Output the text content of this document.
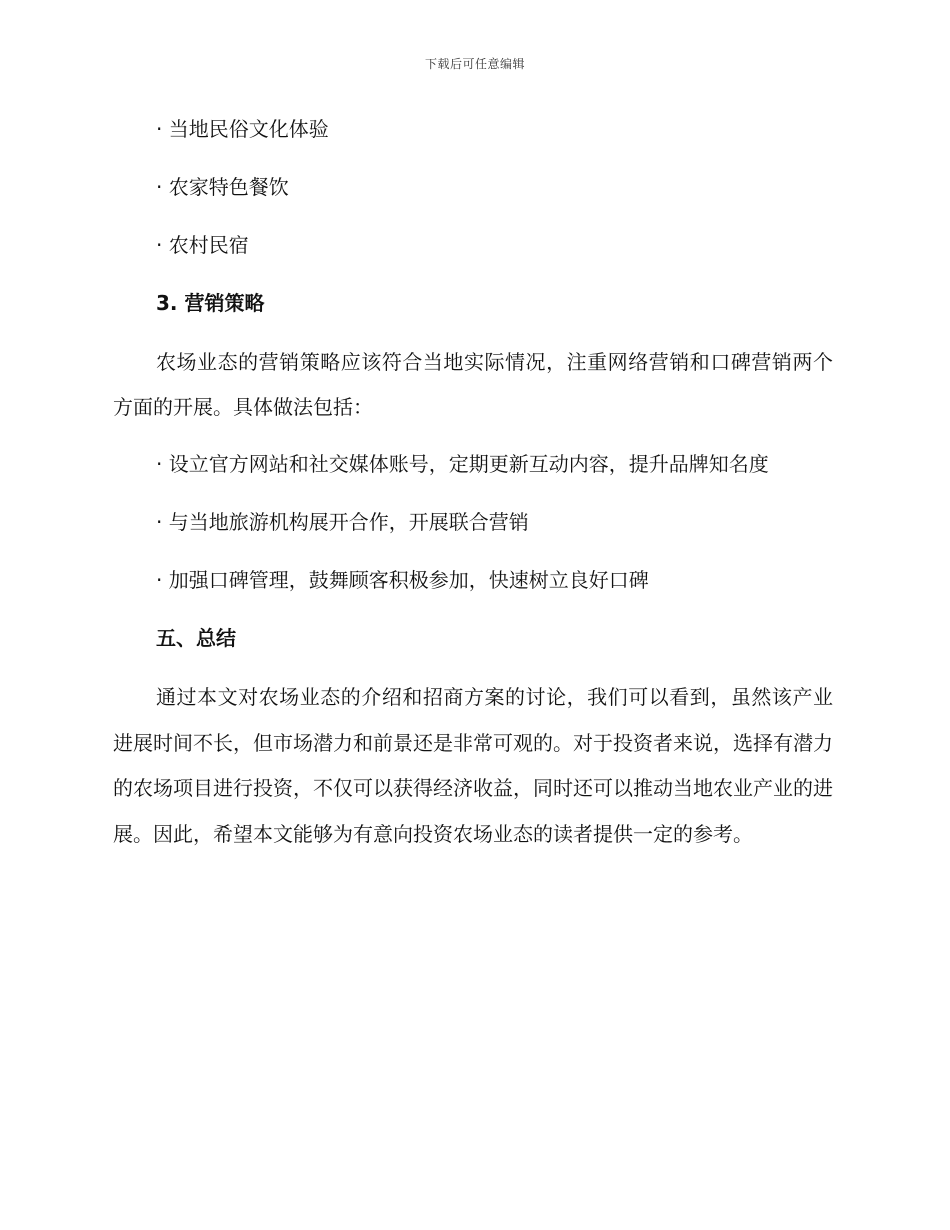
下载后可任意编辑
· 当地民俗文化体验
· 农家特色餐饮
· 农村民宿
3. 营销策略
农场业态的营销策略应该符合当地实际情况，注重网络营销和口碑营销两个方面的开展。具体做法包括：
· 设立官方网站和社交媒体账号，定期更新互动内容，提升品牌知名度
· 与当地旅游机构展开合作，开展联合营销
· 加强口碑管理，鼓舞顾客积极参加，快速树立良好口碑
五、总结
通过本文对农场业态的介绍和招商方案的讨论，我们可以看到，虽然该产业进展时间不长，但市场潜力和前景还是非常可观的。对于投资者来说，选择有潜力的农场项目进行投资，不仅可以获得经济收益，同时还可以推动当地农业产业的进展。因此，希望本文能够为有意向投资农场业态的读者提供一定的参考。
